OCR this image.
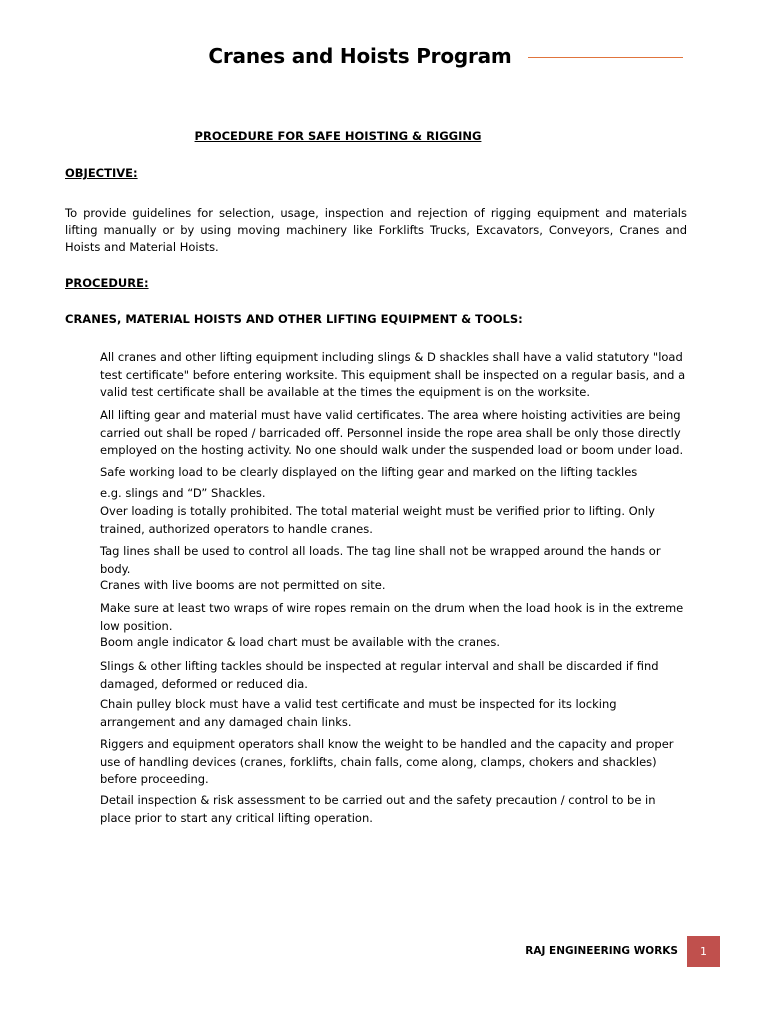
Cranes and Hoists Program
PROCEDURE FOR SAFE HOISTING & RIGGING
OBJECTIVE:
To provide guidelines for selection, usage, inspection and rejection of rigging equipment and materials lifting manually or by using moving machinery like Forklifts Trucks, Excavators, Conveyors, Cranes and Hoists and Material Hoists.
PROCEDURE:
CRANES, MATERIAL HOISTS AND OTHER LIFTING EQUIPMENT & TOOLS:
All cranes and other lifting equipment including slings & D shackles shall have a valid statutory "load test certificate" before entering worksite. This equipment shall be inspected on a regular basis, and a valid test certificate shall be available at the times the equipment is on the worksite.
All lifting gear and material must have valid certificates. The area where hoisting activities are being carried out shall be roped / barricaded off. Personnel inside the rope area shall be only those directly employed on the hosting activity. No one should walk under the suspended load or boom under load.
Safe working load to be clearly displayed on the lifting gear and marked on the lifting tackles
e.g. slings and “D” Shackles.
Over loading is totally prohibited. The total material weight must be verified prior to lifting. Only trained, authorized operators to handle cranes.
Tag lines shall be used to control all loads. The tag line shall not be wrapped around the hands or body.
Cranes with live booms are not permitted on site.
Make sure at least two wraps of wire ropes remain on the drum when the load hook is in the extreme low position.
Boom angle indicator & load chart must be available with the cranes.
Slings & other lifting tackles should be inspected at regular interval and shall be discarded if find damaged, deformed or reduced dia.
Chain pulley block must have a valid test certificate and must be inspected for its locking arrangement and any damaged chain links.
Riggers and equipment operators shall know the weight to be handled and the capacity and proper use of handling devices (cranes, forklifts, chain falls, come along, clamps, chokers and shackles) before proceeding.
Detail inspection & risk assessment to be carried out and the safety precaution / control to be in place prior to start any critical lifting operation.
RAJ ENGINEERING WORKS	1
